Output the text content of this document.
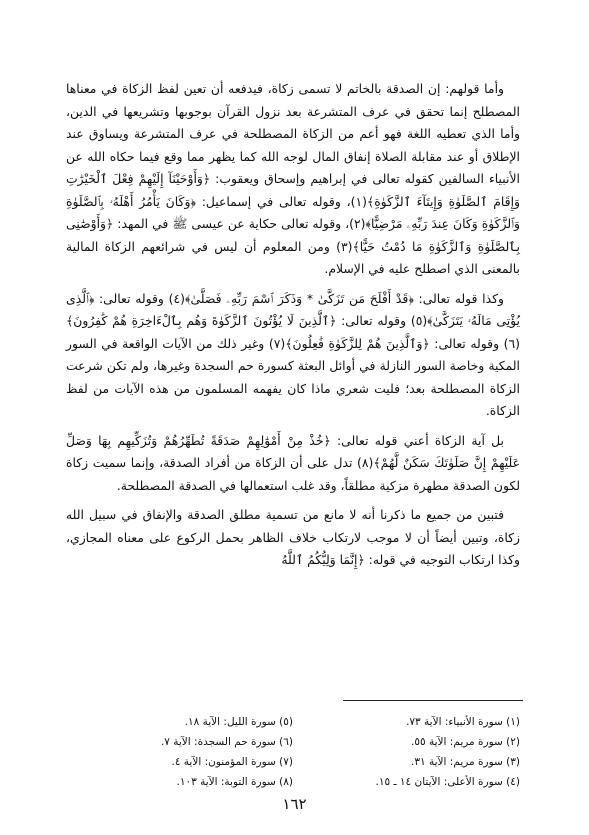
وأما قولهم: إن الصدقة بالخاتم لا تسمى زكاة، فيدفعه أن تعين لفظ الزكاة في معناها المصطلح إنما تحقق في عرف المتشرعة بعد نزول القرآن بوجوبها وتشريعها في الدين، وأما الذي تعطيه اللغة فهو أعم من الزكاة المصطلحة في عرف المتشرعة ويساوق عند الإطلاق أو عند مقابلة الصلاة إنفاق المال لوجه الله كما يظهر مما وقع فيما حكاه الله عن الأنبياء السالفين كقوله تعالى في إبراهيم وإسحاق ويعقوب: ﴿وَأَوْحَيْنَآ إِلَيْهِمْ فِعْلَ ٱلْخَيْرَٰتِ وَإِقَامَ ٱلصَّلَوٰةِ وَإِيتَآءَ ٱلزَّكَوٰةِ﴾(١)، وقوله تعالى في إسماعيل: ﴿وَكَانَ يَأْمُرُ أَهْلَهُۥ بِٱلصَّلَوٰةِ وَٱلزَّكَوٰةِ وَكَانَ عِندَ رَبِّهِۦ مَرْضِيًّا﴾(٢)، وقوله تعالى حكاية عن عيسى ﷺ في المهد: ﴿وَأَوْصَٰنِى بِٱلصَّلَوٰةِ وَٱلزَّكَوٰةِ مَا دُمْتُ حَيًّا﴾(٣) ومن المعلوم أن ليس في شرائعهم الزكاة المالية بالمعنى الذي اصطلح عليه في الإسلام.

وكذا قوله تعالى: ﴿قَدْ أَفْلَحَ مَن تَزَكَّىٰ * وَذَكَرَ ٱسْمَ رَبِّهِۦ فَصَلَّىٰ﴾(٤) وقوله تعالى: ﴿ٱلَّذِى يُؤْتِى مَالَهُۥ يَتَزَكَّىٰ﴾(٥) وقوله تعالى: ﴿ٱلَّذِينَ لَا يُؤْتُونَ ٱلزَّكَوٰةَ وَهُم بِٱلْءَاخِرَةِ هُمْ كَٰفِرُونَ﴾(٦) وقوله تعالى: ﴿وَٱلَّذِينَ هُمْ لِلزَّكَوٰةِ فَٰعِلُونَ﴾(٧) وغير ذلك من الآيات الواقعة في السور المكية وخاصة السور النازلة في أوائل البعثة كسورة حم السجدة وغيرها، ولم تكن شرعت الزكاة المصطلحة بعد؛ فليت شعري ماذا كان يفهمه المسلمون من هذه الآيات من لفظ الزكاة.

بل آية الزكاة أعني قوله تعالى: ﴿خُذْ مِنْ أَمْوَٰلِهِمْ صَدَقَةً تُطَهِّرُهُمْ وَتُزَكِّيهِم بِهَا وَصَلِّ عَلَيْهِمْ إِنَّ صَلَوٰتَكَ سَكَنٌ لَّهُمْ﴾(٨) تدل على أن الزكاة من أفراد الصدقة، وإنما سميت زكاة لكون الصدقة مطهرة مزكية مطلقاً، وقد غلب استعمالها في الصدقة المصطلحة.

فتبين من جميع ما ذكرنا أنه لا مانع من تسمية مطلق الصدقة والإنفاق في سبيل الله زكاة، وتبين أيضاً أن لا موجب لارتكاب خلاف الظاهر بحمل الركوع على معناه المجازي، وكذا ارتكاب التوجيه في قوله: ﴿إِنَّمَا وَلِيُّكُمُ ٱللَّهُ

(١) سورة الأنبياء: الآية ٧٣.
(٢) سورة مريم: الآية ٥٥.
(٣) سورة مريم: الآية ٣١.
(٤) سورة الأعلى: الآيتان ١٤ ـ ١٥.
(٥) سورة الليل: الآية ١٨.
(٦) سورة حم السجدة: الآية ٧.
(٧) سورة المؤمنون: الآية ٤.
(٨) سورة التوبة: الآية ١٠٣.
١٦٢
